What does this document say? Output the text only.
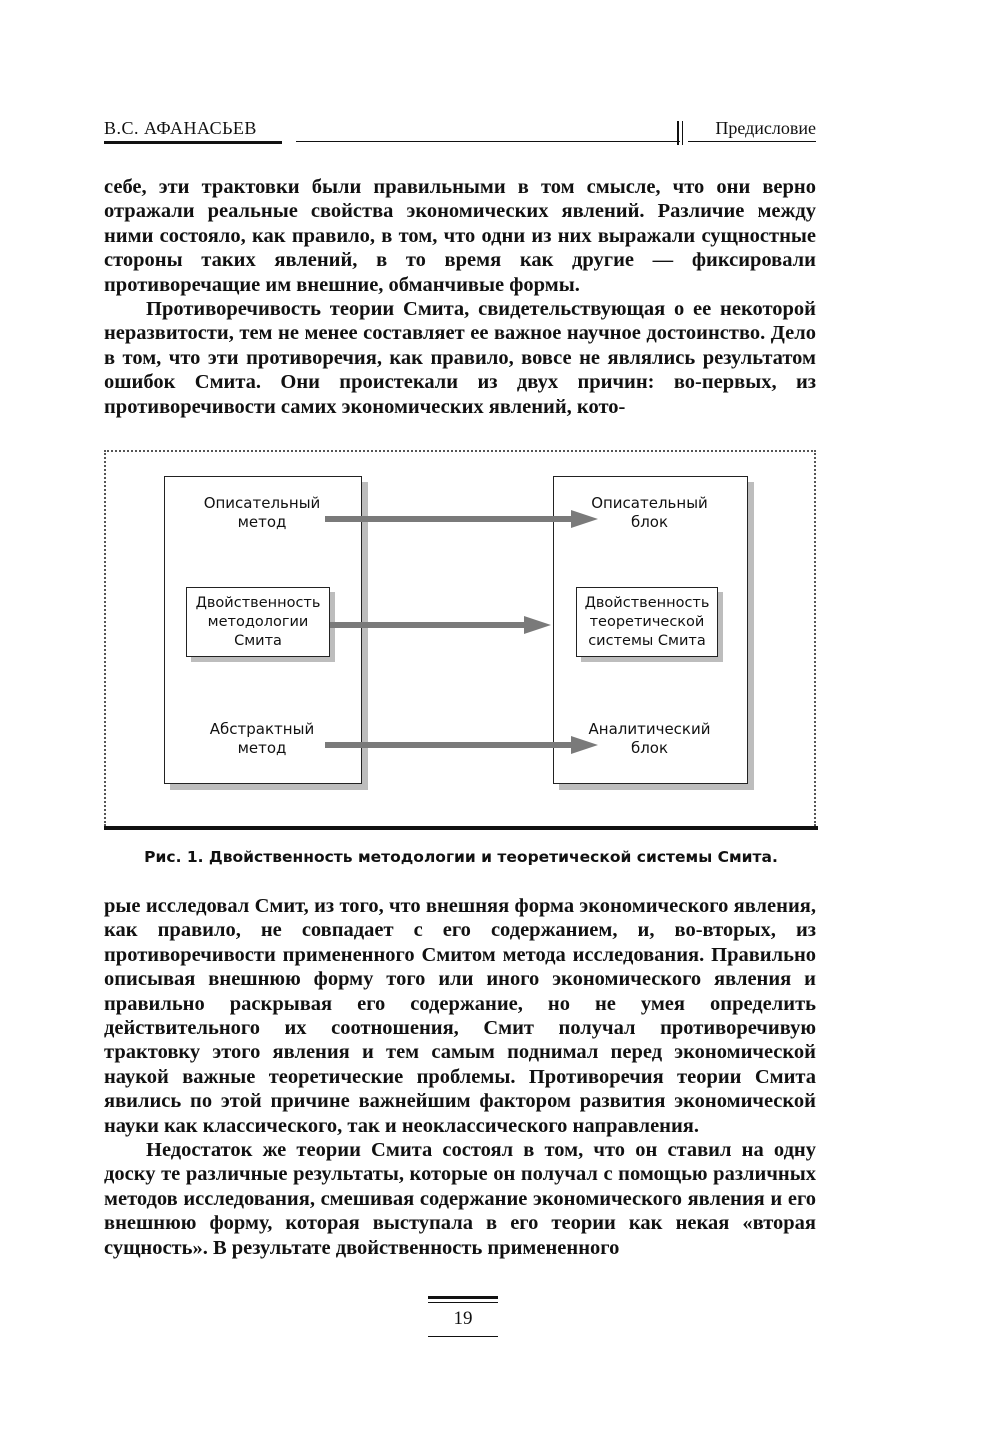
В.С. АФАНАСЬЕВ	Предисловие

себе, эти трактовки были правильными в том смысле, что они верно отражали реальные свойства экономических явлений. Различие между ними состояло, как правило, в том, что одни из них выражали сущностные стороны таких явлений, в то время как другие — фиксировали противоречащие им внешние, обманчивые формы.

Противоречивость теории Смита, свидетельствующая о ее некоторой неразвитости, тем не менее составляет ее важное научное достоинство. Дело в том, что эти противоречия, как правило, вовсе не являлись результатом ошибок Смита. Они проистекали из двух причин: во-первых, из противоречивости самих экономических явлений, кото-

Описательный
метод
Абстрактный
метод
Описательный
блок
Аналитический
блок
Двойственность
методологии
Смита
Двойственность
теоретической
системы Смита
Рис. 1. Двойственность методологии и теоретической системы Смита.

рые исследовал Смит, из того, что внешняя форма экономического явления, как правило, не совпадает с его содержанием, и, во-вторых, из противоречивости примененного Смитом метода исследования. Правильно описывая внешнюю форму того или иного экономического явления и правильно раскрывая его содержание, но не умея определить действительного их соотношения, Смит получал противоречивую трактовку этого явления и тем самым поднимал перед экономической наукой важные теоретические проблемы. Противоречия теории Смита явились по этой причине важнейшим фактором развития экономической науки как классического, так и неоклассического направления.

Недостаток же теории Смита состоял в том, что он ставил на одну доску те различные результаты, которые он получал с помощью различных методов исследования, смешивая содержание экономического явления и его внешнюю форму, которая выступала в его теории как некая «вторая сущность». В результате двойственность примененного

19
